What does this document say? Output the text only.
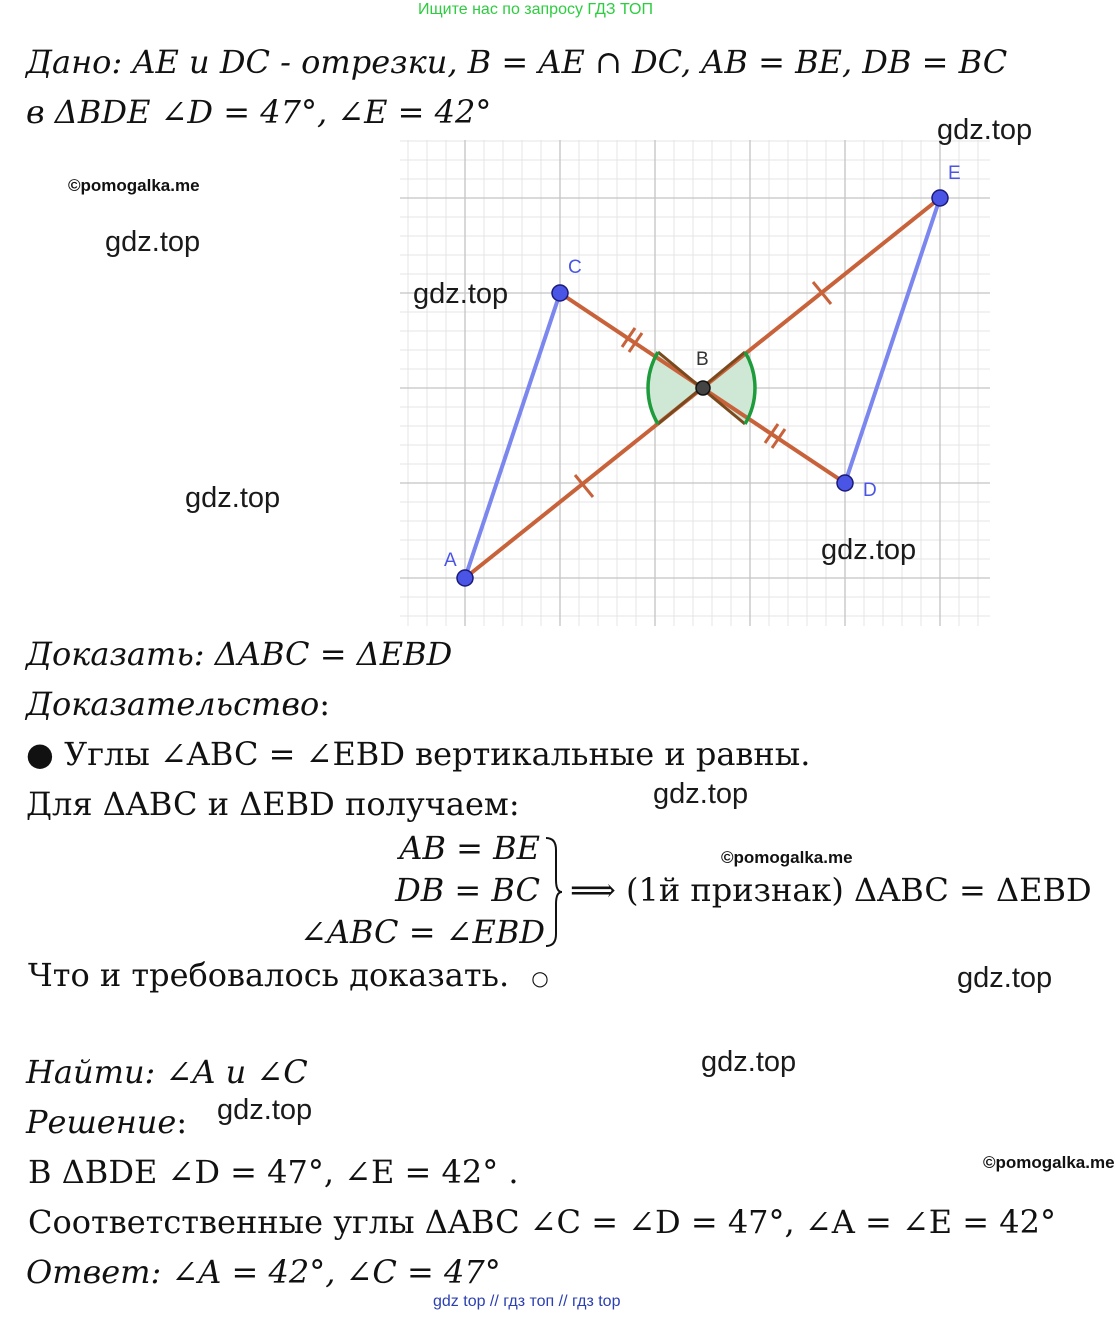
Ищите нас по запросу ГДЗ ТОП
Дано: AE и DC - отрезки, B = AE ∩ DC, AB = BE, DB = BC
в ΔBDE ∠D = 47°, ∠E = 42°
A
C
B
D
E
gdz.top
gdz.top
gdz.top
gdz.top
gdz.top
gdz.top
gdz.top
gdz.top
gdz.top
©pomogalka.me
©pomogalka.me
©pomogalka.me
Доказать: ΔABC = ΔEBD
Доказательство:
● Углы ∠ABC = ∠EBD вертикальные и равны.
Для ΔABC и ΔEBD получаем:
AB = BE
DB = BC
∠ABC = ∠EBD
⟹ (1й признак) ΔABC = ΔEBD
Что и требовалось доказать. ○
Найти: ∠A и ∠C
Решение:
В ΔBDE ∠D = 47°, ∠E = 42° .
Соответственные углы ΔABC ∠C = ∠D = 47°, ∠A = ∠E = 42°
Ответ: ∠A = 42°, ∠C = 47°
gdz top // гдз топ // гдз top
